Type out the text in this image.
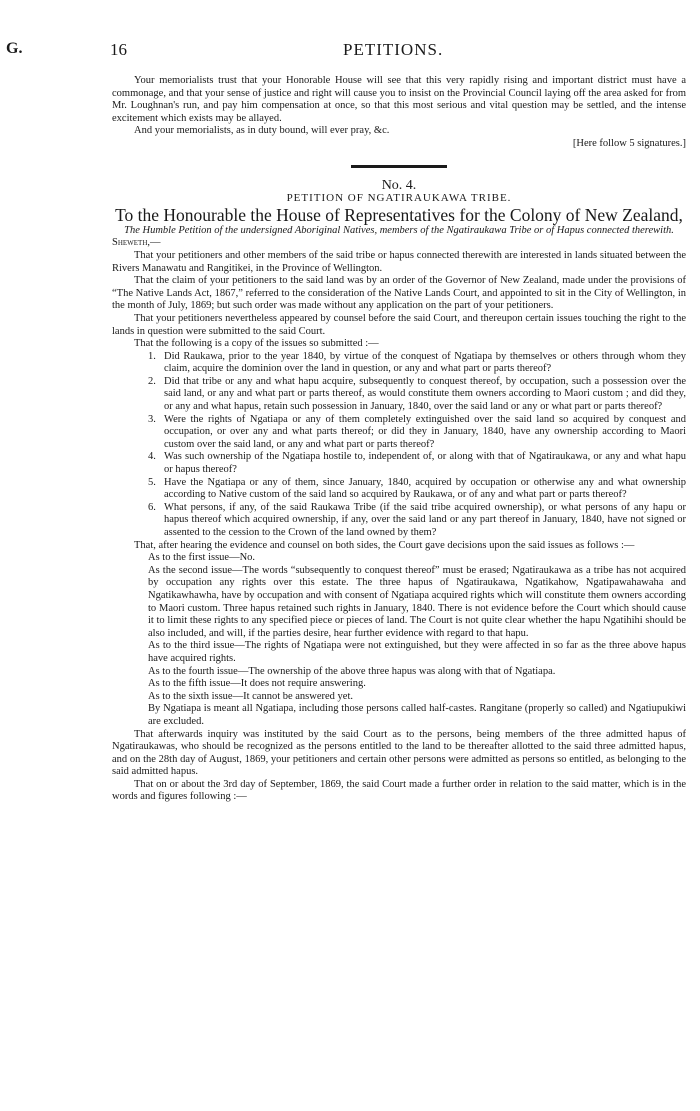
G.	16	PETITIONS.

Your memorialists trust that your Honorable House will see that this very rapidly rising and important district must have a commonage, and that your sense of justice and right will cause you to insist on the Provincial Council laying off the area asked for from Mr. Loughnan's run, and pay him compensation at once, so that this most serious and vital question may be settled, and the intense excitement which exists may be allayed.

And your memorialists, as in duty bound, will ever pray, &c.

[Here follow 5 signatures.]

No. 4.

PETITION OF NGATIRAUKAWA TRIBE.

To the Honourable the House of Representatives for the Colony of New Zealand,

The Humble Petition of the undersigned Aboriginal Natives, members of the Ngatiraukawa Tribe or of Hapus connected therewith.

Sheweth,—

That your petitioners and other members of the said tribe or hapus connected therewith are interested in lands situated between the Rivers Manawatu and Rangitikei, in the Province of Wellington.

That the claim of your petitioners to the said land was by an order of the Governor of New Zealand, made under the provisions of “The Native Lands Act, 1867,” referred to the consideration of the Native Lands Court, and appointed to sit in the City of Wellington, in the month of July, 1869; but such order was made without any application on the part of your petitioners.

That your petitioners nevertheless appeared by counsel before the said Court, and thereupon certain issues touching the right to the lands in question were submitted to the said Court.

That the following is a copy of the issues so submitted :—

1. Did Raukawa, prior to the year 1840, by virtue of the conquest of Ngatiapa by themselves or others through whom they claim, acquire the dominion over the land in question, or any and what part or parts thereof?
2. Did that tribe or any and what hapu acquire, subsequently to conquest thereof, by occupation, such a possession over the said land, or any and what part or parts thereof, as would constitute them owners according to Maori custom ; and did they, or any and what hapus, retain such possession in January, 1840, over the said land or any or what part or parts thereof?
3. Were the rights of Ngatiapa or any of them completely extinguished over the said land so acquired by conquest and occupation, or over any and what parts thereof; or did they in January, 1840, have any ownership according to Maori custom over the said land, or any and what part or parts thereof?
4. Was such ownership of the Ngatiapa hostile to, independent of, or along with that of Ngatiraukawa, or any and what hapu or hapus thereof?
5. Have the Ngatiapa or any of them, since January, 1840, acquired by occupation or otherwise any and what ownership according to Native custom of the said land so acquired by Raukawa, or of any and what part or parts thereof?
6. What persons, if any, of the said Raukawa Tribe (if the said tribe acquired ownership), or what persons of any hapu or hapus thereof which acquired ownership, if any, over the said land or any part thereof in January, 1840, have not signed or assented to the cession to the Crown of the land owned by them?

That, after hearing the evidence and counsel on both sides, the Court gave decisions upon the said issues as follows :—

As to the first issue—No.

As the second issue—The words “subsequently to conquest thereof” must be erased; Ngatiraukawa as a tribe has not acquired by occupation any rights over this estate. The three hapus of Ngatiraukawa, Ngatikahow, Ngatipawahawaha and Ngatikawhawha, have by occupation and with consent of Ngatiapa acquired rights which will constitute them owners according to Maori custom. Three hapus retained such rights in January, 1840. There is not evidence before the Court which should cause it to limit these rights to any specified piece or pieces of land. The Court is not quite clear whether the hapu Ngatihihi should be also included, and will, if the parties desire, hear further evidence with regard to that hapu.

As to the third issue—The rights of Ngatiapa were not extinguished, but they were affected in so far as the three above hapus have acquired rights.

As to the fourth issue—The ownership of the above three hapus was along with that of Ngatiapa.

As to the fifth issue—It does not require answering.

As to the sixth issue—It cannot be answered yet.

By Ngatiapa is meant all Ngatiapa, including those persons called half-castes. Rangitane (properly so called) and Ngatiupukiwi are excluded.

That afterwards inquiry was instituted by the said Court as to the persons, being members of the three admitted hapus of Ngatiraukawas, who should be recognized as the persons entitled to the land to be thereafter allotted to the said three admitted hapus, and on the 28th day of August, 1869, your petitioners and certain other persons were admitted as persons so entitled, as belonging to the said admitted hapus.

That on or about the 3rd day of September, 1869, the said Court made a further order in relation to the said matter, which is in the words and figures following :—
